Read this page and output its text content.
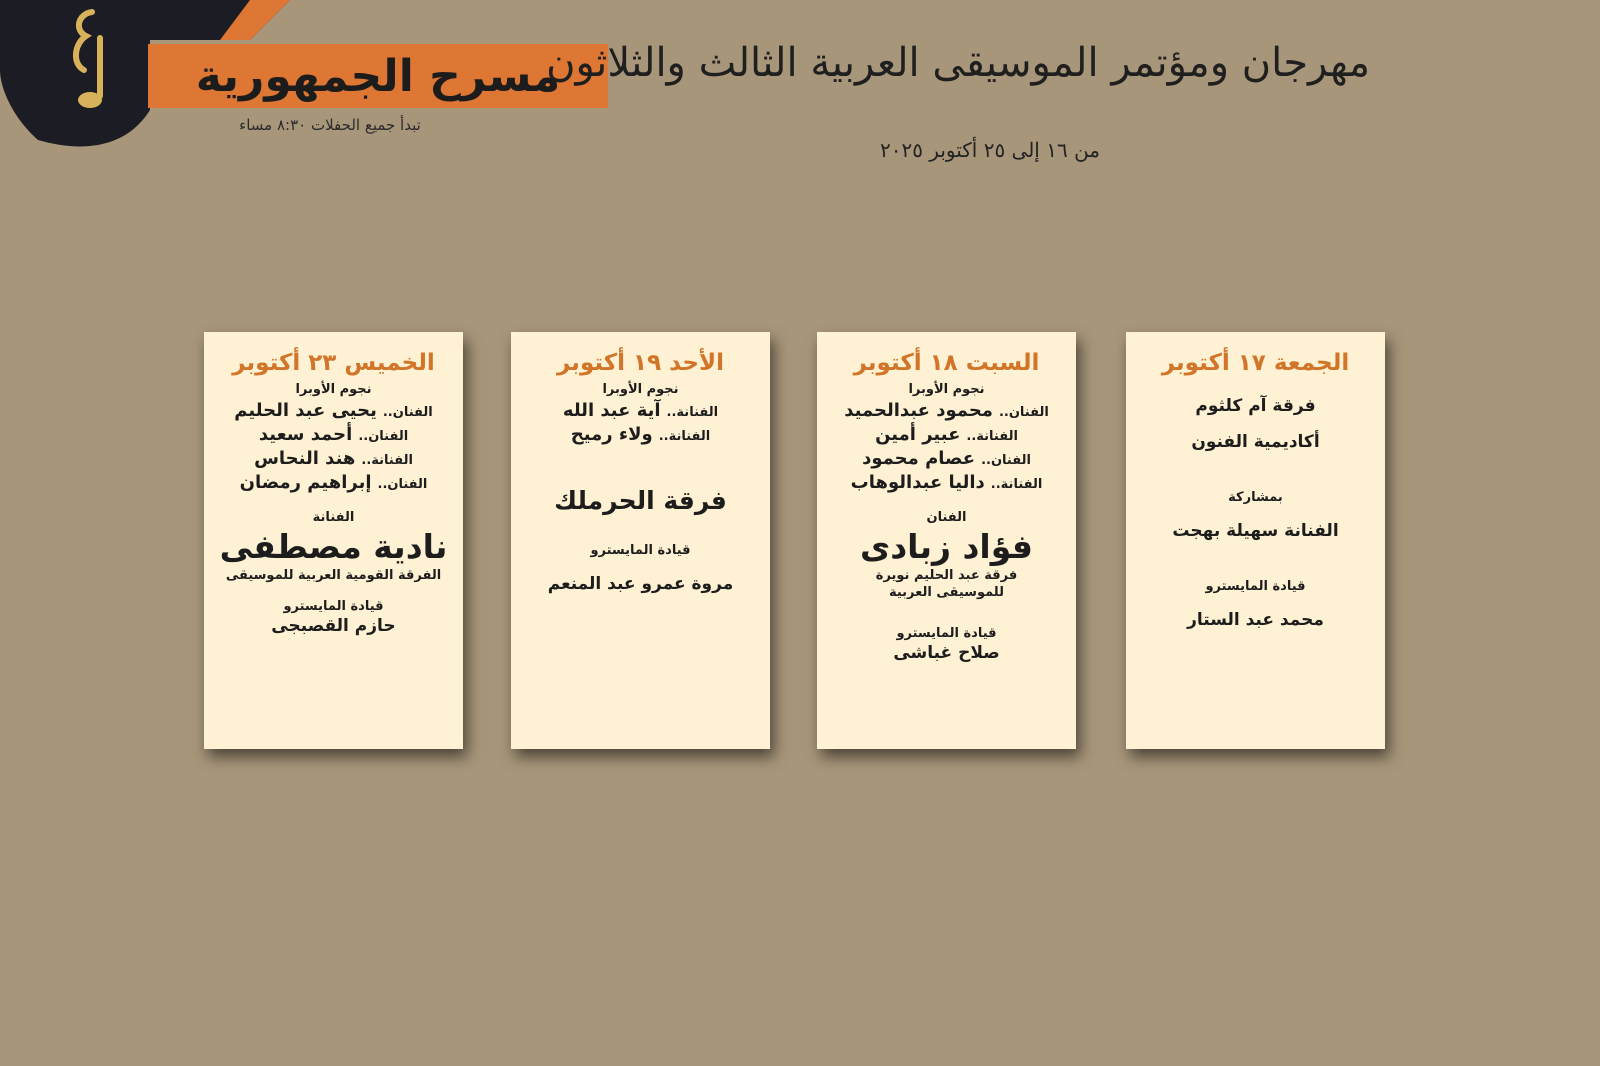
مسرح الجمهورية
تبدأ جميع الحفلات ٨:٣٠ مساء
مهرجان ومؤتمر الموسيقى العربية الثالث والثلاثون
من ١٦ إلى ٢٥ أكتوبر ٢٠٢٥
الجمعة ١٧ أكتوبر
فرقة آم كلثوم
أكاديمية الفنون
بمشاركة
الفنانة سهيلة بهجت
قيادة المايسترو
محمد عبد الستار
السبت ١٨ أكتوبر
نجوم الأوبرا
الفنان..
محمود عبدالحميد
الفنانة..
عبير أمين
الفنان..
عصام محمود
الفنانة..
داليا عبدالوهاب
الفنان
فؤاد زبادى
فرقة عبد الحليم نويرة
للموسيقى العربية
قيادة المايسترو
صلاح غباشى
الأحد ١٩ أكتوبر
نجوم الأوبرا
الفنانة..
آية عبد الله
الفنانة..
ولاء رميح
فرقة الحرملك
قيادة المايسترو
مروة عمرو عبد المنعم
الخميس ٢٣ أكتوبر
نجوم الأوبرا
الفنان..
يحيى عبد الحليم
الفنان..
أحمد سعيد
الفنانة..
هند النحاس
الفنان..
إبراهيم رمضان
الفنانة
نادية مصطفى
الفرقة القومية العربية للموسيقى
قيادة المايسترو
حازم القصبجى
